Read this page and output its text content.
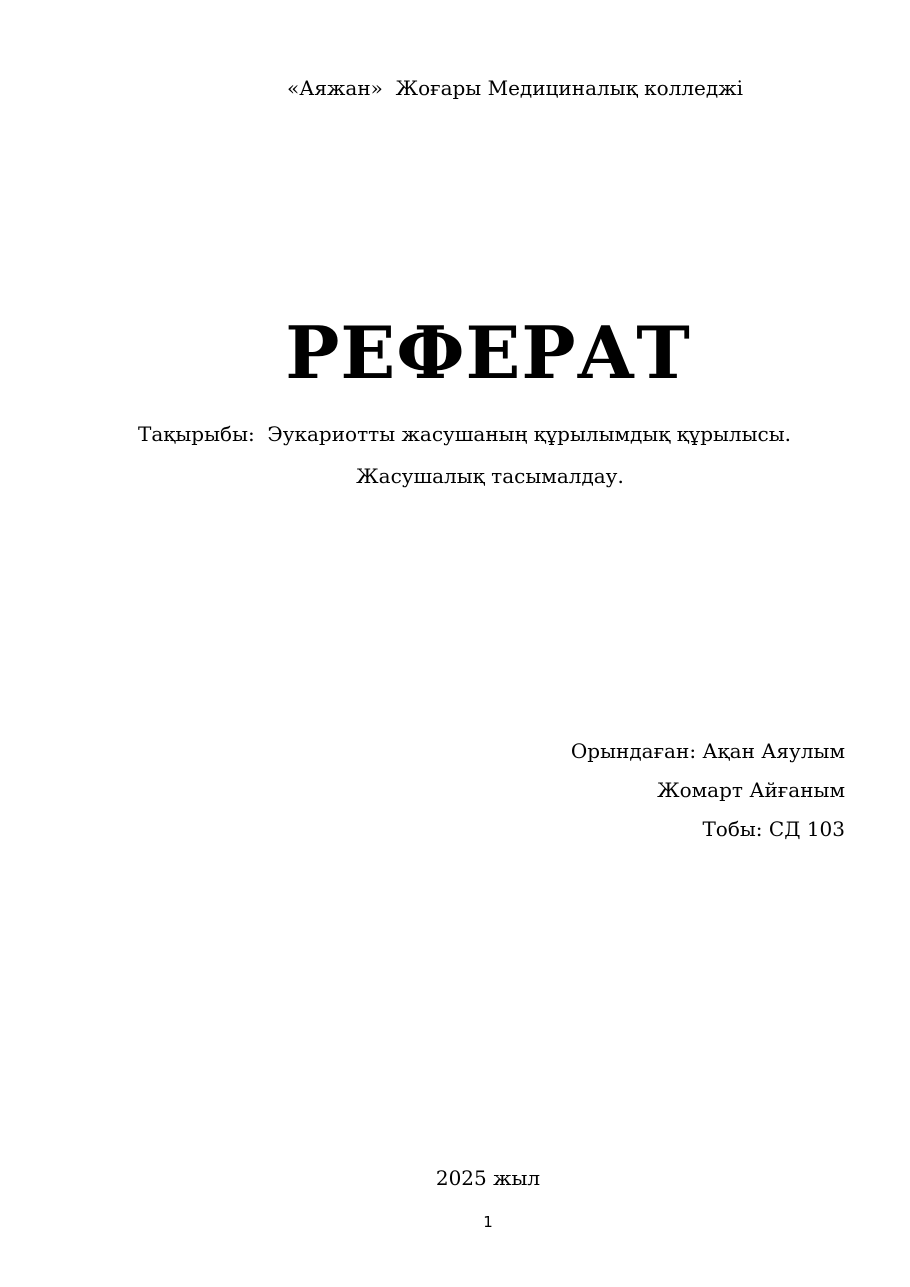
«Аяжан»  Жоғары Медициналық колледжі
РЕФЕРАТ
Тақырыбы:  Эукариотты жасушаның құрылымдық құрылысы.
Жасушалық тасымалдау.
Орындаған: Ақан Аяулым
Жомарт Айғаным
Тобы: СД 103
2025 жыл
1
